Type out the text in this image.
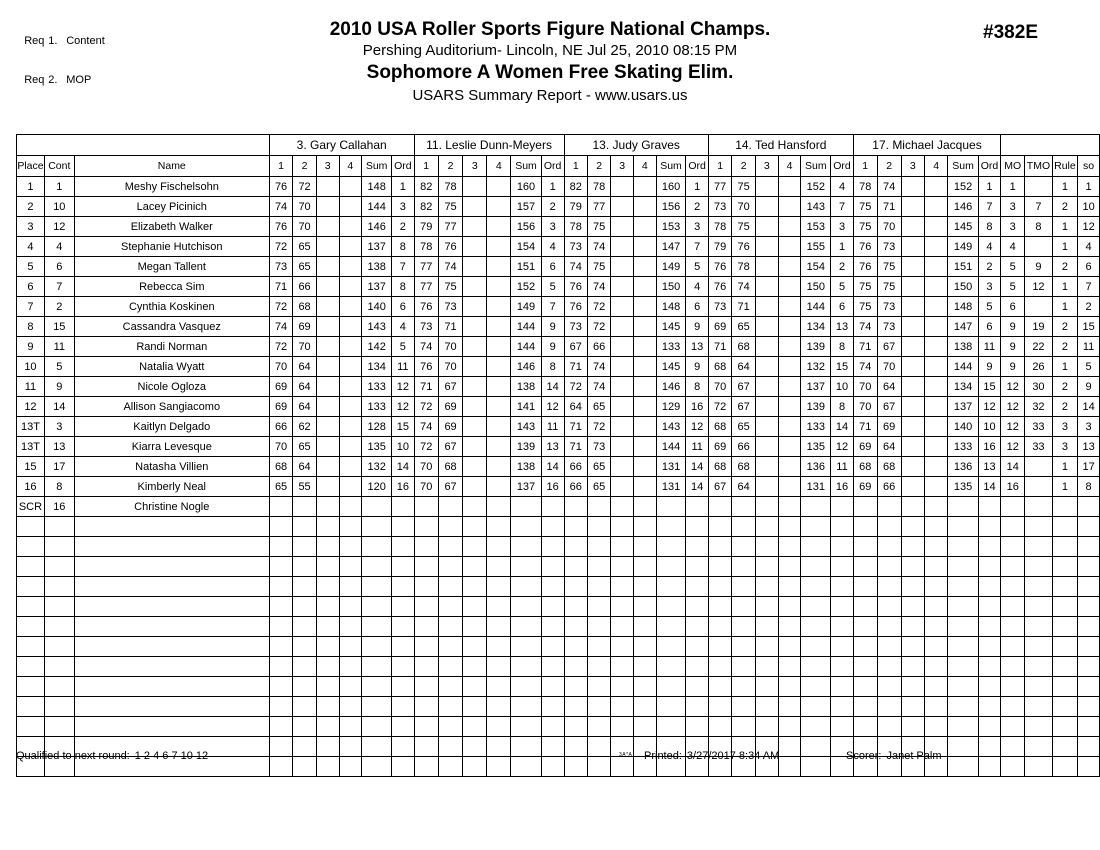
Req 1. Content

Req 2. MOP

2010 USA Roller Sports Figure National Champs.
Pershing Auditorium- Lincoln, NE Jul 25, 2010 08:15 PM
Sophomore A Women Free Skating Elim.
USARS Summary Report - www.usars.us
#382E
			3. Gary Callahan						11. Leslie Dunn-Meyers						13. Judy Graves						14. Ted Hansford						17. Michael Jacques									
Place	Cont	Name	1	2	3	4	Sum	Ord	1	2	3	4	Sum	Ord	1	2	3	4	Sum	Ord	1	2	3	4	Sum	Ord	1	2	3	4	Sum	Ord	MO	TMO	Rule	so
1	1	Meshy Fischelsohn	76	72			148	1	82	78			160	1	82	78			160	1	77	75			152	4	78	74			152	1	1		1	1
2	10	Lacey Picinich	74	70			144	3	82	75			157	2	79	77			156	2	73	70			143	7	75	71			146	7	3	7	2	10
3	12	Elizabeth Walker	76	70			146	2	79	77			156	3	78	75			153	3	78	75			153	3	75	70			145	8	3	8	1	12
4	4	Stephanie Hutchison	72	65			137	8	78	76			154	4	73	74			147	7	79	76			155	1	76	73			149	4	4		1	4
5	6	Megan Tallent	73	65			138	7	77	74			151	6	74	75			149	5	76	78			154	2	76	75			151	2	5	9	2	6
6	7	Rebecca Sim	71	66			137	8	77	75			152	5	76	74			150	4	76	74			150	5	75	75			150	3	5	12	1	7
7	2	Cynthia Koskinen	72	68			140	6	76	73			149	7	76	72			148	6	73	71			144	6	75	73			148	5	6		1	2
8	15	Cassandra Vasquez	74	69			143	4	73	71			144	9	73	72			145	9	69	65			134	13	74	73			147	6	9	19	2	15
9	11	Randi Norman	72	70			142	5	74	70			144	9	67	66			133	13	71	68			139	8	71	67			138	11	9	22	2	11
10	5	Natalia Wyatt	70	64			134	11	76	70			146	8	71	74			145	9	68	64			132	15	74	70			144	9	9	26	1	5
11	9	Nicole Ogloza	69	64			133	12	71	67			138	14	72	74			146	8	70	67			137	10	70	64			134	15	12	30	2	9
12	14	Allison Sangiacomo	69	64			133	12	72	69			141	12	64	65			129	16	72	67			139	8	70	67			137	12	12	32	2	14
13T	3	Kaitlyn Delgado	66	62			128	15	74	69			143	11	71	72			143	12	68	65			133	14	71	69			140	10	12	33	3	3
13T	13	Kiarra Levesque	70	65			135	10	72	67			139	13	71	73			144	11	69	66			135	12	69	64			133	16	12	33	3	13
15	17	Natasha Villien	68	64			132	14	70	68			138	14	66	65			131	14	68	68			136	11	68	68			136	13	14		1	17
16	8	Kimberly Neal	65	55			120	16	70	67			137	16	66	65			131	14	67	64			131	16	69	66			135	14	16		1	8
SCR	16	Christine Nogle																																		

Qualified to next round: 1 2 4 6 7 10 12	3A*A Printed: 3/27/2017 8:34 AM	Scorer: Janet Palm
